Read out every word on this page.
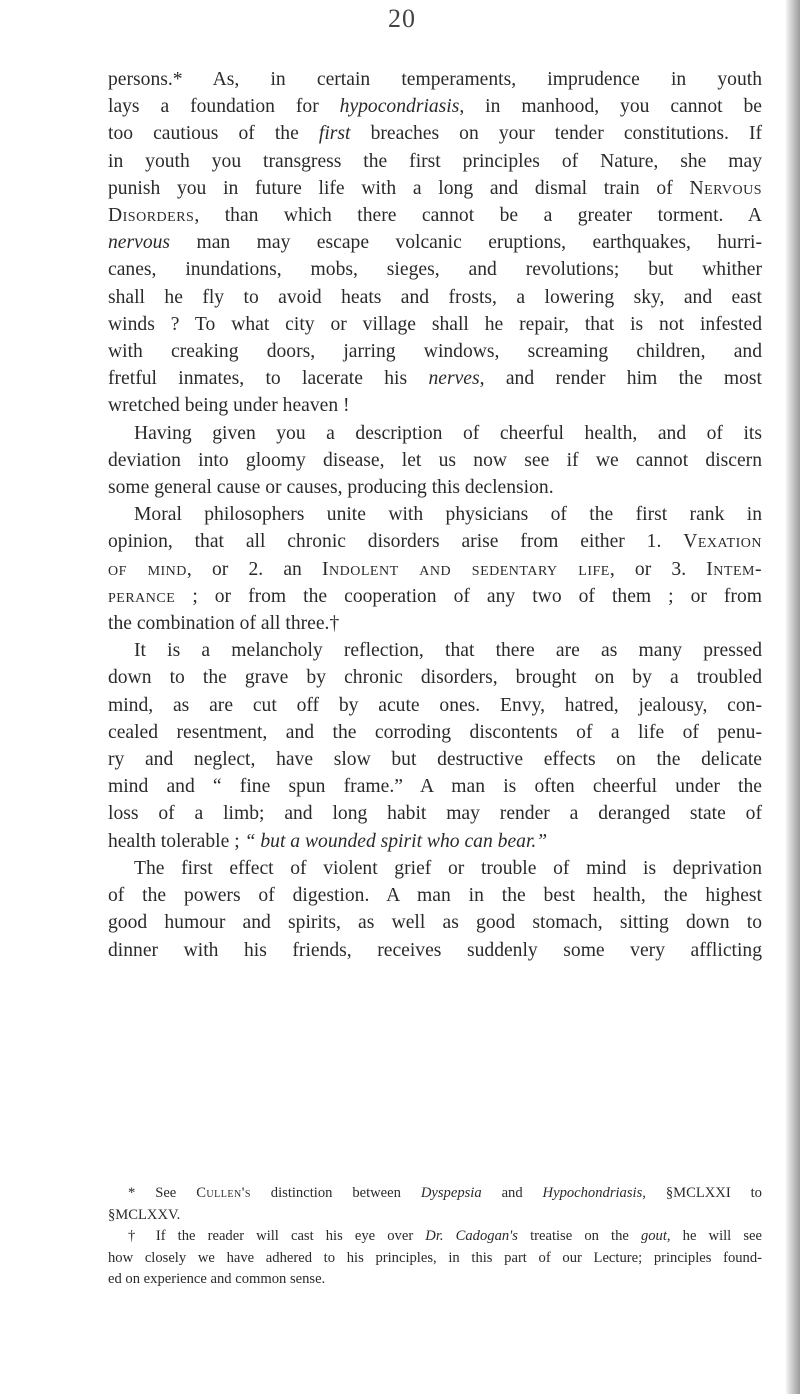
20

persons.* As, in certain temperaments, imprudence in youth

lays a foundation for hypocondriasis, in manhood, you cannot be

too cautious of the first breaches on your tender constitutions. If

in youth you transgress the first principles of Nature, she may

punish you in future life with a long and dismal train of Nervous

Disorders, than which there cannot be a greater torment. A

nervous man may escape volcanic eruptions, earthquakes, hurri-

canes, inundations, mobs, sieges, and revolutions; but whither

shall he fly to avoid heats and frosts, a lowering sky, and east

winds ? To what city or village shall he repair, that is not infested

with creaking doors, jarring windows, screaming children, and

fretful inmates, to lacerate his nerves, and render him the most

wretched being under heaven !

Having given you a description of cheerful health, and of its

deviation into gloomy disease, let us now see if we cannot discern

some general cause or causes, producing this declension.

Moral philosophers unite with physicians of the first rank in

opinion, that all chronic disorders arise from either 1. Vexation

of mind, or 2. an Indolent and sedentary life, or 3. Intem-

perance ; or from the cooperation of any two of them ; or from

the combination of all three.†

It is a melancholy reflection, that there are as many pressed

down to the grave by chronic disorders, brought on by a troubled

mind, as are cut off by acute ones. Envy, hatred, jealousy, con-

cealed resentment, and the corroding discontents of a life of penu-

ry and neglect, have slow but destructive effects on the delicate

mind and “ fine spun frame.” A man is often cheerful under the

loss of a limb; and long habit may render a deranged state of

health tolerable ; “ but a wounded spirit who can bear.”

The first effect of violent grief or trouble of mind is deprivation

of the powers of digestion. A man in the best health, the highest

good humour and spirits, as well as good stomach, sitting down to

dinner with his friends, receives suddenly some very afflicting

* See Cullen's distinction between Dyspepsia and Hypochondriasis, §MCLXXI to

§MCLXXV.

† If the reader will cast his eye over Dr. Cadogan's treatise on the gout, he will see

how closely we have adhered to his principles, in this part of our Lecture; principles found-

ed on experience and common sense.
